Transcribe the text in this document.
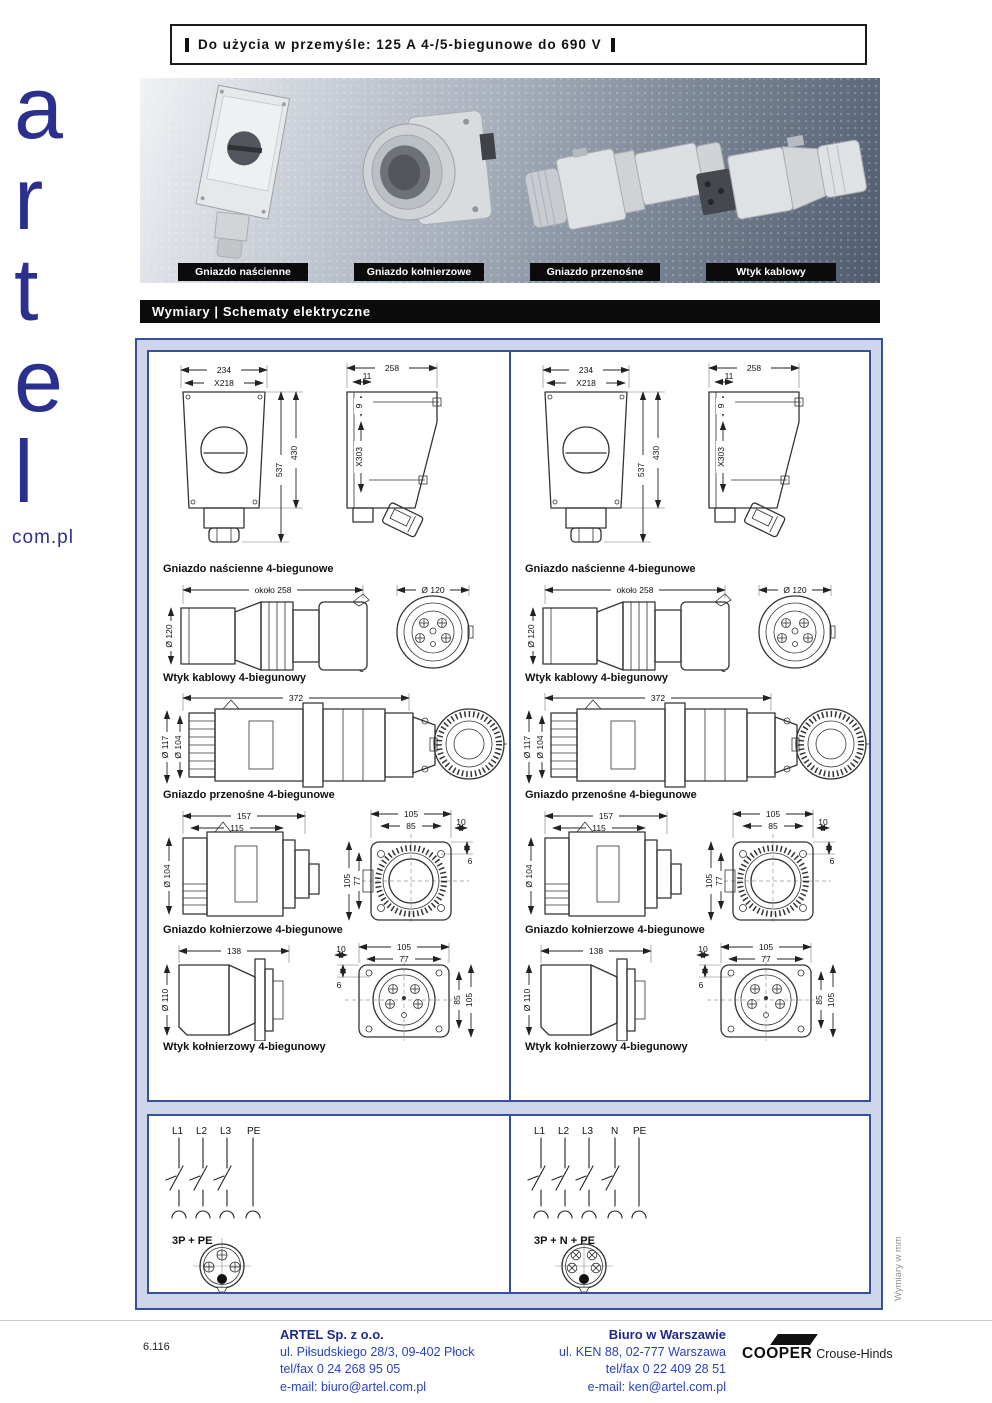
a
r
t
e
l
com.pl
Do użycia w przemyśle: 125 A 4-/5-biegunowe do 690 V
Gniazdo naścienne	Gniazdo kołnierzowe	Gniazdo przenośne	Wtyk kablowy
Wymiary | Schematy elektryczne
234
X218
537
430
258
11
9
X303
Gniazdo naścienne 4-biegunowe
około 258
Ø 120
Ø 120
Wtyk kablowy 4-biegunowy
372
Ø 117 Ø 104
Gniazdo przenośne 4-biegunowe
157
115
Ø 104
105
85	10
6
105 77
Gniazdo kołnierzowe 4-biegunowe
138
Ø 110
105
77
10
6
85 105
Wtyk kołnierzowy 4-biegunowy
234
X218
537
430
258
11
9
X303
Gniazdo naścienne 4-biegunowe
około 258
Ø 120
Ø 120
Wtyk kablowy 4-biegunowy
372
Ø 117 Ø 104
Gniazdo przenośne 4-biegunowe
157
115
Ø 104
105
85	10
6
105 77
Gniazdo kołnierzowe 4-biegunowe
138
Ø 110
105
77
10
6
85 105
Wtyk kołnierzowy 4-biegunowy
L1 L2 L3 PE
3P + PE
L1 L2 L3 N PE
3P + N + PE	Wymiary w mm
6.116
ARTEL Sp. z o.o.
ul. Piłsudskiego 28/3, 09-402 Płock
tel/fax 0 24 268 95 05
e-mail: biuro@artel.com.pl
Biuro w Warszawie
ul. KEN 88, 02-777 Warszawa
tel/fax 0 22 409 28 51
e-mail: ken@artel.com.pl
COOPER Crouse-Hinds
